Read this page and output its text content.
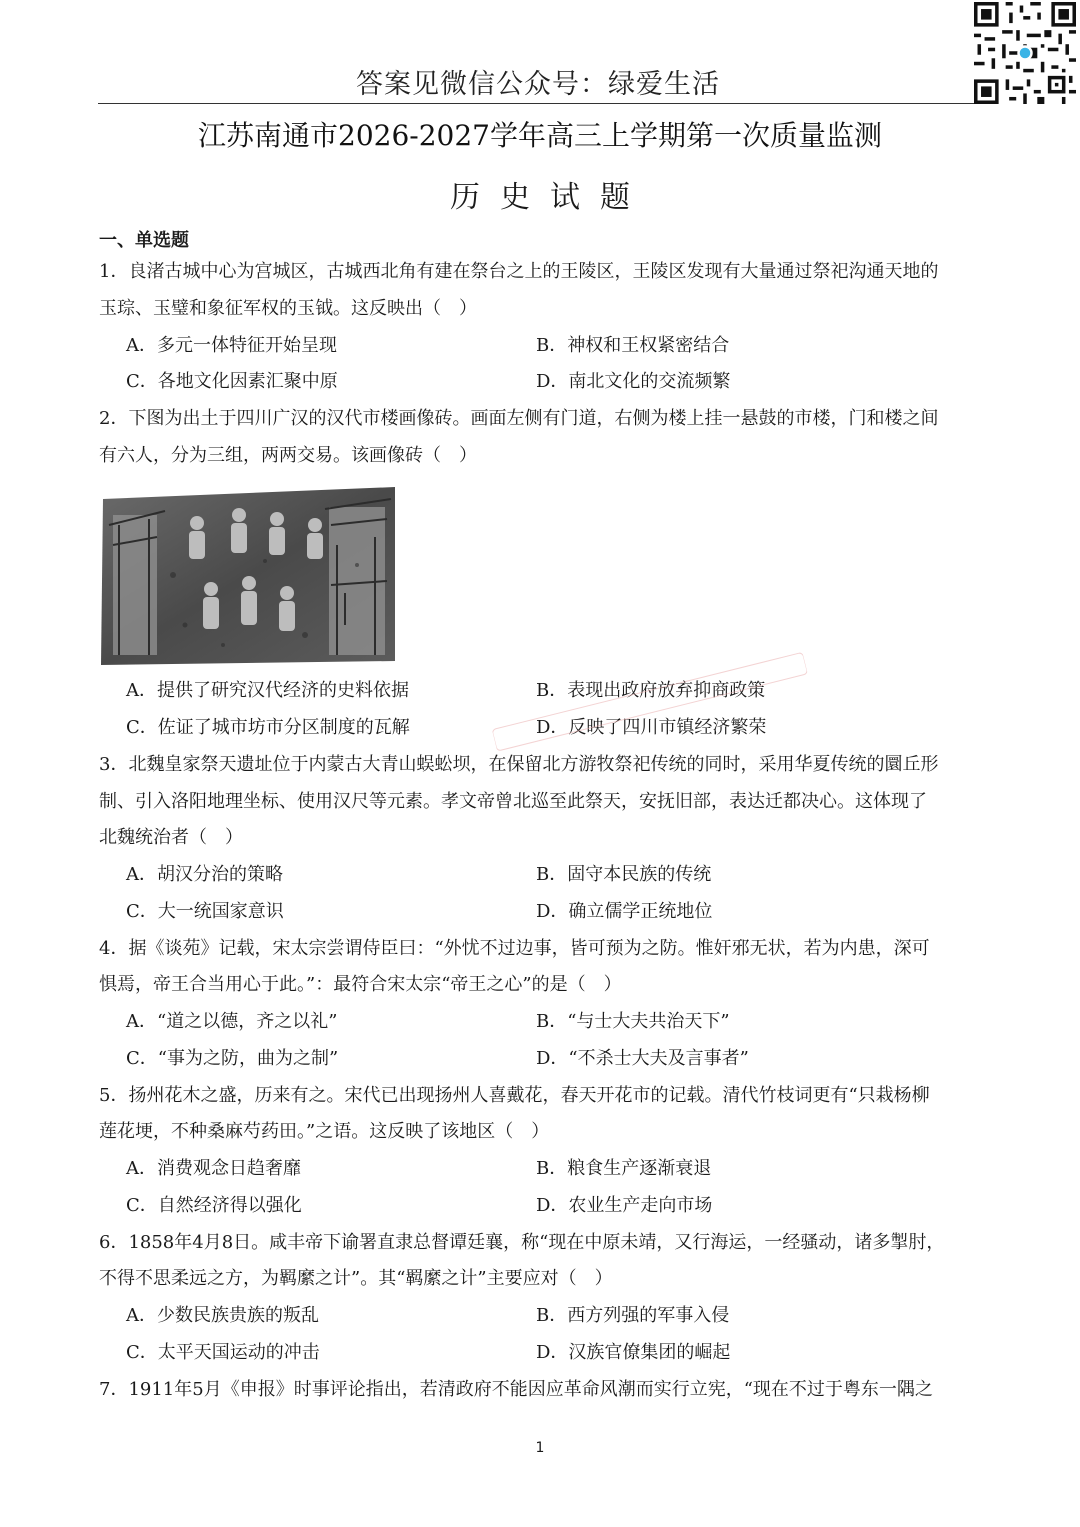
答案见微信公众号：绿爱生活
江苏南通市2026-2027学年高三上学期第一次质量监测
历史试题
一、单选题
1．良渚古城中心为宫城区，古城西北角有建在祭台之上的王陵区，王陵区发现有大量通过祭祀沟通天地的
玉琮、玉璧和象征军权的玉钺。这反映出（　）
A．多元一体特征开始呈现	B．神权和王权紧密结合
C．各地文化因素汇聚中原	D．南北文化的交流频繁
2．下图为出土于四川广汉的汉代市楼画像砖。画面左侧有门道，右侧为楼上挂一悬鼓的市楼，门和楼之间
有六人，分为三组，两两交易。该画像砖（　）
A．提供了研究汉代经济的史料依据	B．表现出政府放弃抑商政策
C．佐证了城市坊市分区制度的瓦解	D．反映了四川市镇经济繁荣
3．北魏皇家祭天遗址位于内蒙古大青山蜈蚣坝，在保留北方游牧祭祀传统的同时，采用华夏传统的圜丘形
制、引入洛阳地理坐标、使用汉尺等元素。孝文帝曾北巡至此祭天，安抚旧部，表达迁都决心。这体现了
北魏统治者（　）
A．胡汉分治的策略	B．固守本民族的传统
C．大一统国家意识	D．确立儒学正统地位
4．据《谈苑》记载，宋太宗尝谓侍臣曰：“外忧不过边事，皆可预为之防。惟奸邪无状，若为内患，深可
惧焉，帝王合当用心于此。”：最符合宋太宗“帝王之心”的是（　）
A．“道之以德，齐之以礼”	B．“与士大夫共治天下”
C．“事为之防，曲为之制”	D．“不杀士大夫及言事者”
5．扬州花木之盛，历来有之。宋代已出现扬州人喜戴花，春天开花市的记载。清代竹枝词更有“只栽杨柳
莲花埂，不种桑麻芍药田。”之语。这反映了该地区（　）
A．消费观念日趋奢靡	B．粮食生产逐渐衰退
C．自然经济得以强化	D．农业生产走向市场
6．1858年4月8日。咸丰帝下谕署直隶总督谭廷襄，称“现在中原未靖，又行海运，一经骚动，诸多掣肘，
不得不思柔远之方，为羁縻之计”。其“羁縻之计”主要应对（　）
A．少数民族贵族的叛乱	B．西方列强的军事入侵
C．太平天国运动的冲击	D．汉族官僚集团的崛起
7．1911年5月《申报》时事评论指出，若清政府不能因应革命风潮而实行立宪，“现在不过于粤东一隅之
1
